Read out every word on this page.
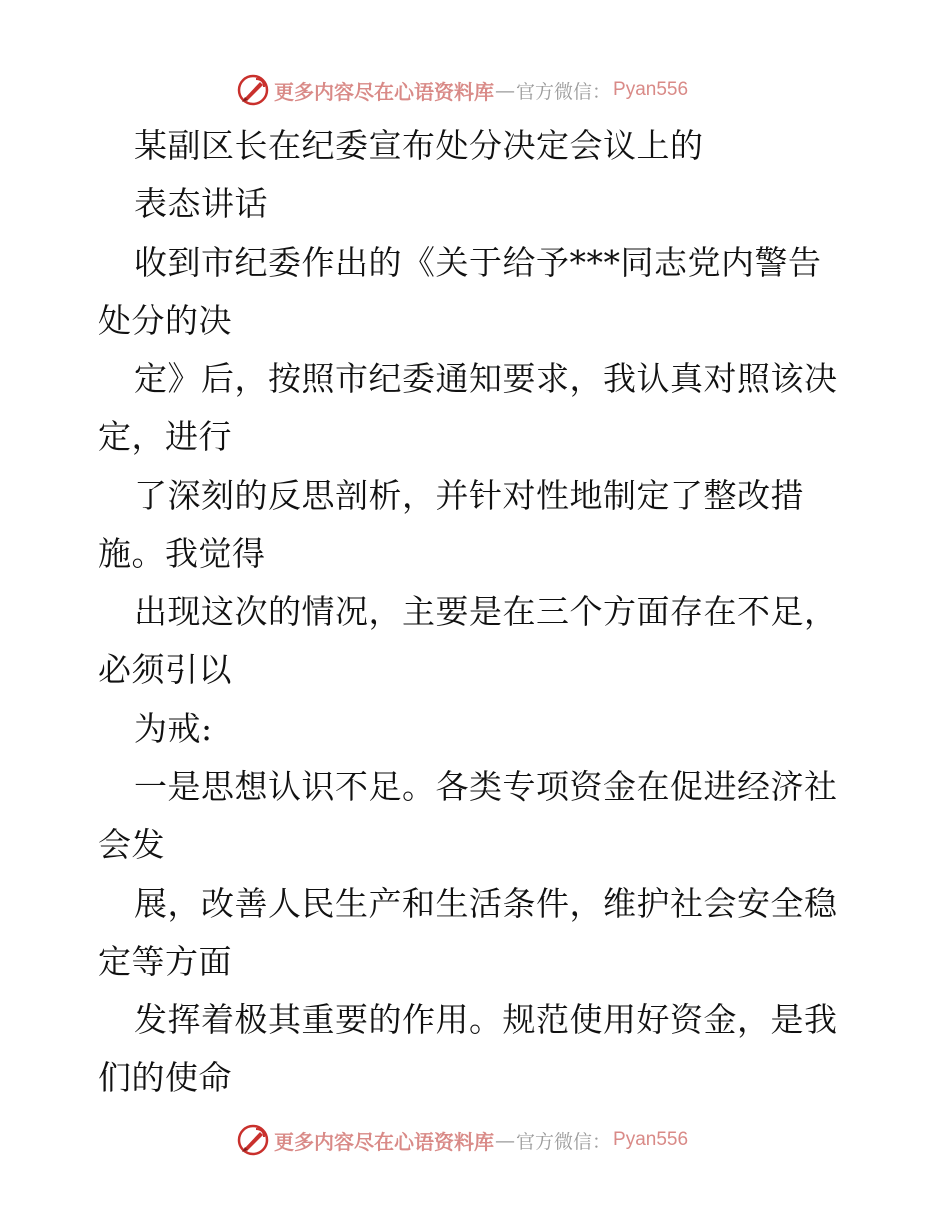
更多内容尽在心语资料库 — 官方微信： Pyan556
某副区长在纪委宣布处分决定会议上的
表态讲话
收到市纪委作出的《关于给予***同志党内警告
处分的决
定》后，按照市纪委通知要求，我认真对照该决
定，进行
了深刻的反思剖析，并针对性地制定了整改措
施。我觉得
出现这次的情况，主要是在三个方面存在不足，
必须引以
为戒:
一是思想认识不足。各类专项资金在促进经济社
会发
展，改善人民生产和生活条件，维护社会安全稳
定等方面
发挥着极其重要的作用。规范使用好资金，是我
们的使命
更多内容尽在心语资料库 — 官方微信： Pyan556
